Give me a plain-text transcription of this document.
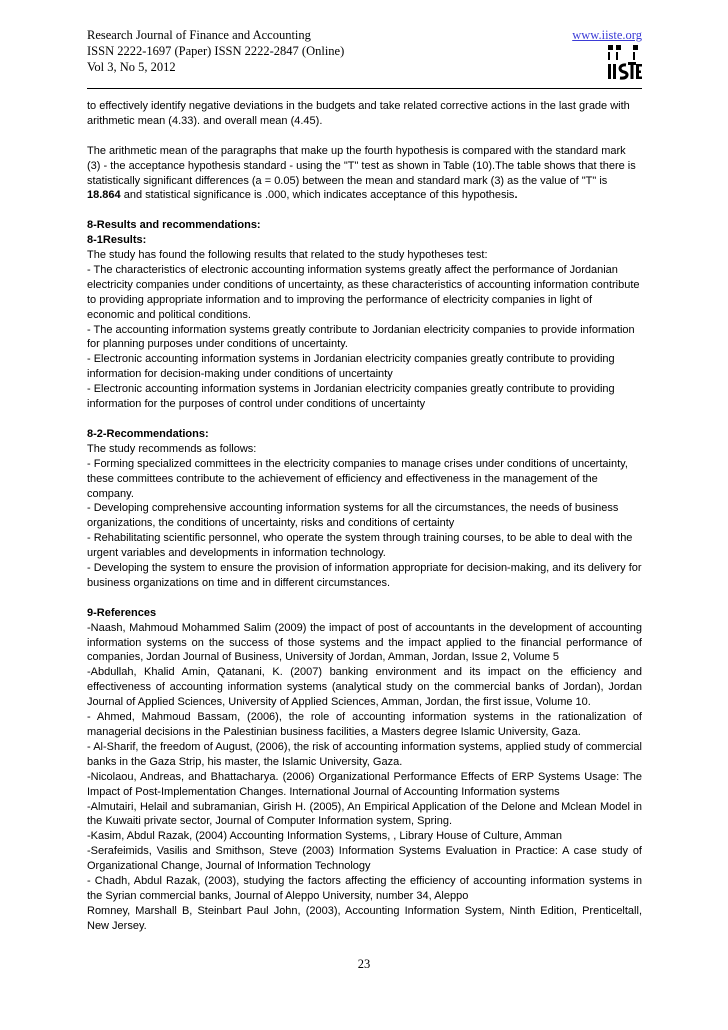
Research Journal of Finance and Accounting
ISSN 2222-1697 (Paper) ISSN 2222-2847 (Online)
Vol 3, No 5, 2012
www.iiste.org

to effectively identify negative deviations in the budgets and take related corrective actions in the last grade with arithmetic mean (4.33). and overall mean (4.45).

The arithmetic mean of the paragraphs that make up the fourth hypothesis is compared with the standard mark (3) - the acceptance hypothesis standard - using the "T" test as shown in Table (10).The table shows that there is statistically significant differences (a = 0.05) between the mean and standard mark (3) as the value of "T" is 18.864 and statistical significance is .000, which indicates acceptance of this hypothesis.

8-Results and recommendations:

8-1Results:

The study has found the following results that related to the study hypotheses test:

- The characteristics of electronic accounting information systems greatly affect the performance of Jordanian electricity companies under conditions of uncertainty, as these characteristics of accounting information contribute to providing appropriate information and to improving the performance of electricity companies in light of economic and political conditions.

- The accounting information systems greatly contribute to Jordanian electricity companies to provide information for planning purposes under conditions of uncertainty.

- Electronic accounting information systems in Jordanian electricity companies greatly contribute to providing information for decision-making under conditions of uncertainty

- Electronic accounting information systems in Jordanian electricity companies greatly contribute to providing information for the purposes of control under conditions of uncertainty

8-2-Recommendations:

The study recommends as follows:

- Forming specialized committees in the electricity companies to manage crises under conditions of uncertainty, these committees contribute to the achievement of efficiency and effectiveness in the management of the company.

- Developing comprehensive accounting information systems for all the circumstances, the needs of business organizations, the conditions of uncertainty, risks and conditions of certainty

- Rehabilitating scientific personnel, who operate the system through training courses, to be able to deal with the urgent variables and developments in information technology.

- Developing the system to ensure the provision of information appropriate for decision-making, and its delivery for business organizations on time and in different circumstances.

9-References

-Naash, Mahmoud Mohammed Salim (2009) the impact of post of accountants in the development of accounting information systems on the success of those systems and the impact applied to the financial performance of companies, Jordan Journal of Business, University of Jordan, Amman, Jordan, Issue 2, Volume 5

-Abdullah, Khalid Amin, Qatanani, K. (2007) banking environment and its impact on the efficiency and effectiveness of accounting information systems (analytical study on the commercial banks of Jordan), Jordan Journal of Applied Sciences, University of Applied Sciences, Amman, Jordan, the first issue, Volume 10.

- Ahmed, Mahmoud Bassam, (2006), the role of accounting information systems in the rationalization of managerial decisions in the Palestinian business facilities, a Masters degree Islamic University, Gaza.

- Al-Sharif, the freedom of August, (2006), the risk of accounting information systems, applied study of commercial banks in the Gaza Strip, his master, the Islamic University, Gaza.

-Nicolaou, Andreas, and Bhattacharya. (2006) Organizational Performance Effects of ERP Systems Usage: The Impact of Post-Implementation Changes. International Journal of Accounting Information systems

-Almutairi, Helail and subramanian, Girish H. (2005), An Empirical Application of the Delone and Mclean Model in the Kuwaiti private sector, Journal of Computer Information system, Spring.

-Kasim, Abdul Razak, (2004) Accounting Information Systems, , Library House of Culture, Amman

-Serafeimids, Vasilis and Smithson, Steve (2003) Information Systems Evaluation in Practice: A case study of Organizational Change, Journal of Information Technology

- Chadh, Abdul Razak, (2003), studying the factors affecting the efficiency of accounting information systems in the Syrian commercial banks, Journal of Aleppo University, number 34, Aleppo

Romney, Marshall B, Steinbart Paul John, (2003), Accounting Information System, Ninth Edition, Prenticeltall, New Jersey.

23
